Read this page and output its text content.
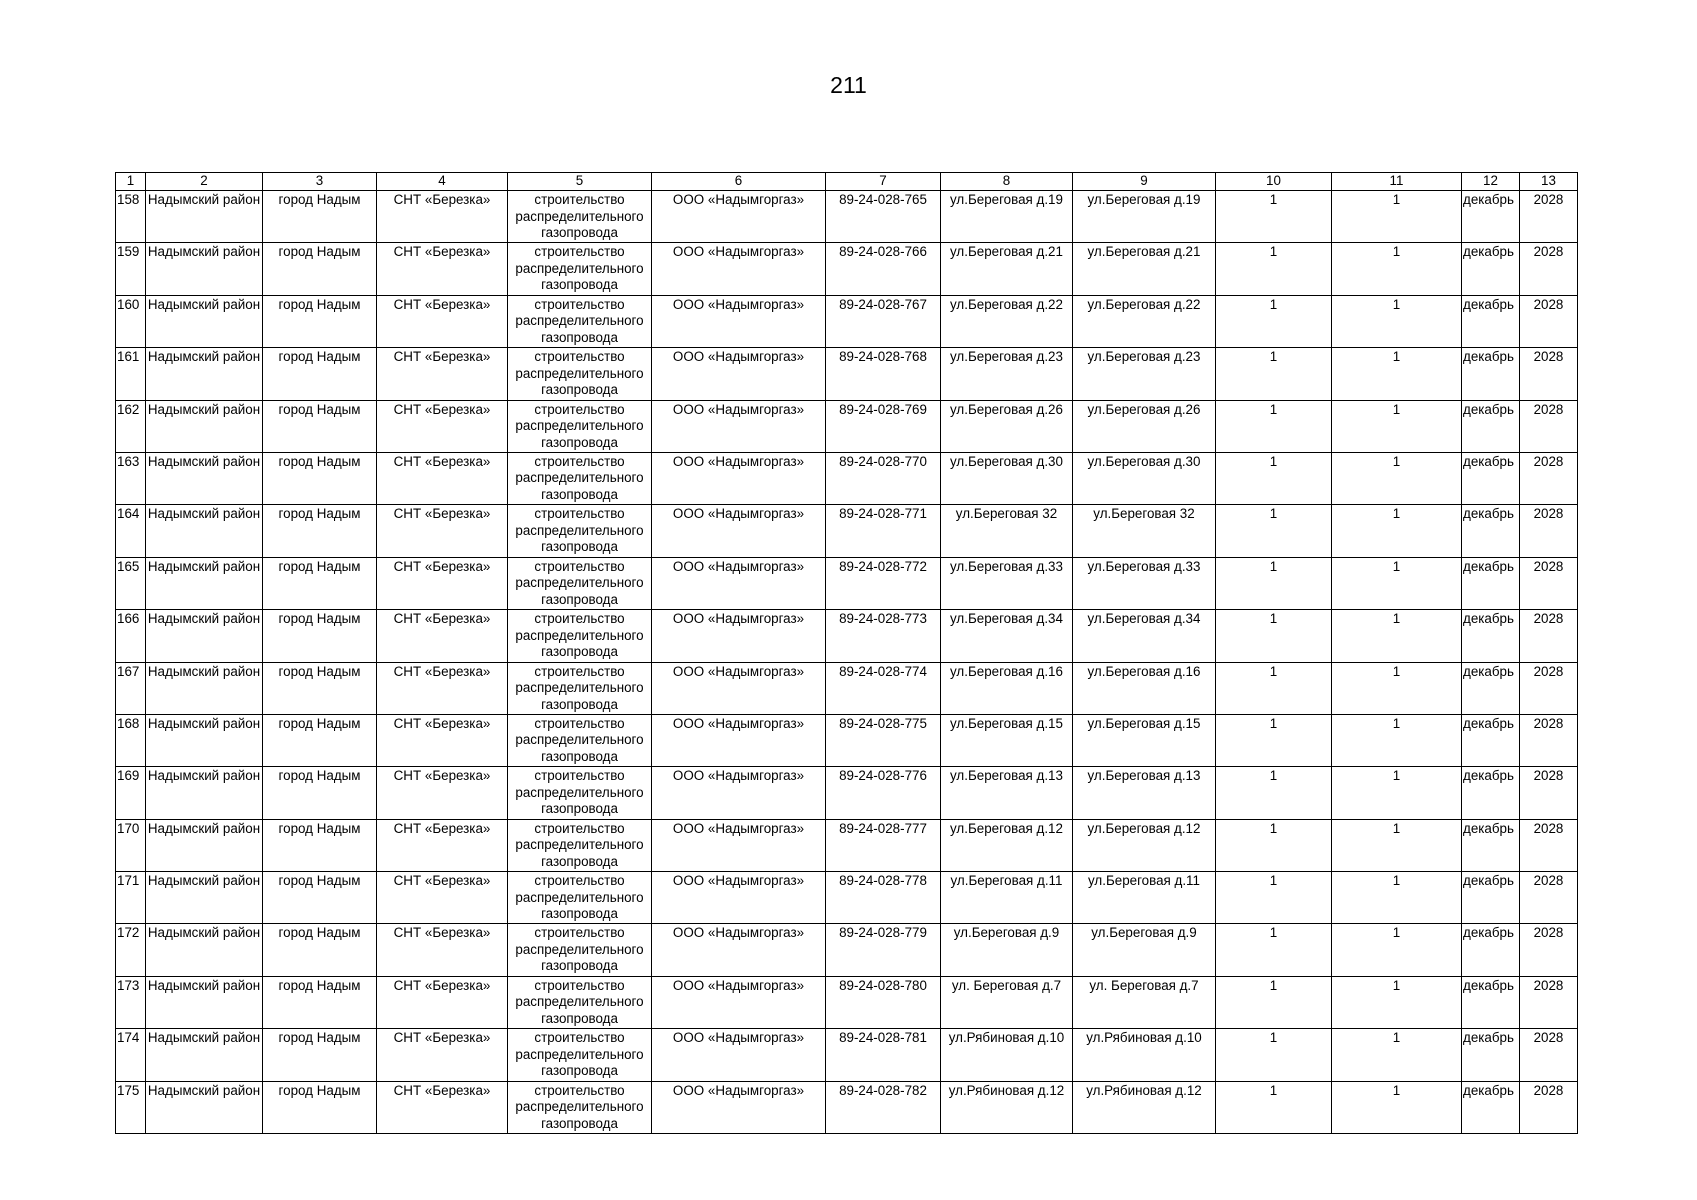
211
1	2	3	4	5	6	7	8	9	10	11	12	13
158	Надымский район	город Надым	СНТ «Березка»	строительство распределительного газопровода	ООО «Надымгоргаз»	89-24-028-765	ул.Береговая д.19	ул.Береговая д.19	1	1	декабрь	2028
159	Надымский район	город Надым	СНТ «Березка»	строительство распределительного газопровода	ООО «Надымгоргаз»	89-24-028-766	ул.Береговая д.21	ул.Береговая д.21	1	1	декабрь	2028
160	Надымский район	город Надым	СНТ «Березка»	строительство распределительного газопровода	ООО «Надымгоргаз»	89-24-028-767	ул.Береговая д.22	ул.Береговая д.22	1	1	декабрь	2028
161	Надымский район	город Надым	СНТ «Березка»	строительство распределительного газопровода	ООО «Надымгоргаз»	89-24-028-768	ул.Береговая д.23	ул.Береговая д.23	1	1	декабрь	2028
162	Надымский район	город Надым	СНТ «Березка»	строительство распределительного газопровода	ООО «Надымгоргаз»	89-24-028-769	ул.Береговая д.26	ул.Береговая д.26	1	1	декабрь	2028
163	Надымский район	город Надым	СНТ «Березка»	строительство распределительного газопровода	ООО «Надымгоргаз»	89-24-028-770	ул.Береговая д.30	ул.Береговая д.30	1	1	декабрь	2028
164	Надымский район	город Надым	СНТ «Березка»	строительство распределительного газопровода	ООО «Надымгоргаз»	89-24-028-771	ул.Береговая 32	ул.Береговая 32	1	1	декабрь	2028
165	Надымский район	город Надым	СНТ «Березка»	строительство распределительного газопровода	ООО «Надымгоргаз»	89-24-028-772	ул.Береговая д.33	ул.Береговая д.33	1	1	декабрь	2028
166	Надымский район	город Надым	СНТ «Березка»	строительство распределительного газопровода	ООО «Надымгоргаз»	89-24-028-773	ул.Береговая д.34	ул.Береговая д.34	1	1	декабрь	2028
167	Надымский район	город Надым	СНТ «Березка»	строительство распределительного газопровода	ООО «Надымгоргаз»	89-24-028-774	ул.Береговая д.16	ул.Береговая д.16	1	1	декабрь	2028
168	Надымский район	город Надым	СНТ «Березка»	строительство распределительного газопровода	ООО «Надымгоргаз»	89-24-028-775	ул.Береговая д.15	ул.Береговая д.15	1	1	декабрь	2028
169	Надымский район	город Надым	СНТ «Березка»	строительство распределительного газопровода	ООО «Надымгоргаз»	89-24-028-776	ул.Береговая д.13	ул.Береговая д.13	1	1	декабрь	2028
170	Надымский район	город Надым	СНТ «Березка»	строительство распределительного газопровода	ООО «Надымгоргаз»	89-24-028-777	ул.Береговая д.12	ул.Береговая д.12	1	1	декабрь	2028
171	Надымский район	город Надым	СНТ «Березка»	строительство распределительного газопровода	ООО «Надымгоргаз»	89-24-028-778	ул.Береговая д.11	ул.Береговая д.11	1	1	декабрь	2028
172	Надымский район	город Надым	СНТ «Березка»	строительство распределительного газопровода	ООО «Надымгоргаз»	89-24-028-779	ул.Береговая д.9	ул.Береговая д.9	1	1	декабрь	2028
173	Надымский район	город Надым	СНТ «Березка»	строительство распределительного газопровода	ООО «Надымгоргаз»	89-24-028-780	ул. Береговая д.7	ул. Береговая д.7	1	1	декабрь	2028
174	Надымский район	город Надым	СНТ «Березка»	строительство распределительного газопровода	ООО «Надымгоргаз»	89-24-028-781	ул.Рябиновая д.10	ул.Рябиновая д.10	1	1	декабрь	2028
175	Надымский район	город Надым	СНТ «Березка»	строительство распределительного газопровода	ООО «Надымгоргаз»	89-24-028-782	ул.Рябиновая д.12	ул.Рябиновая д.12	1	1	декабрь	2028
